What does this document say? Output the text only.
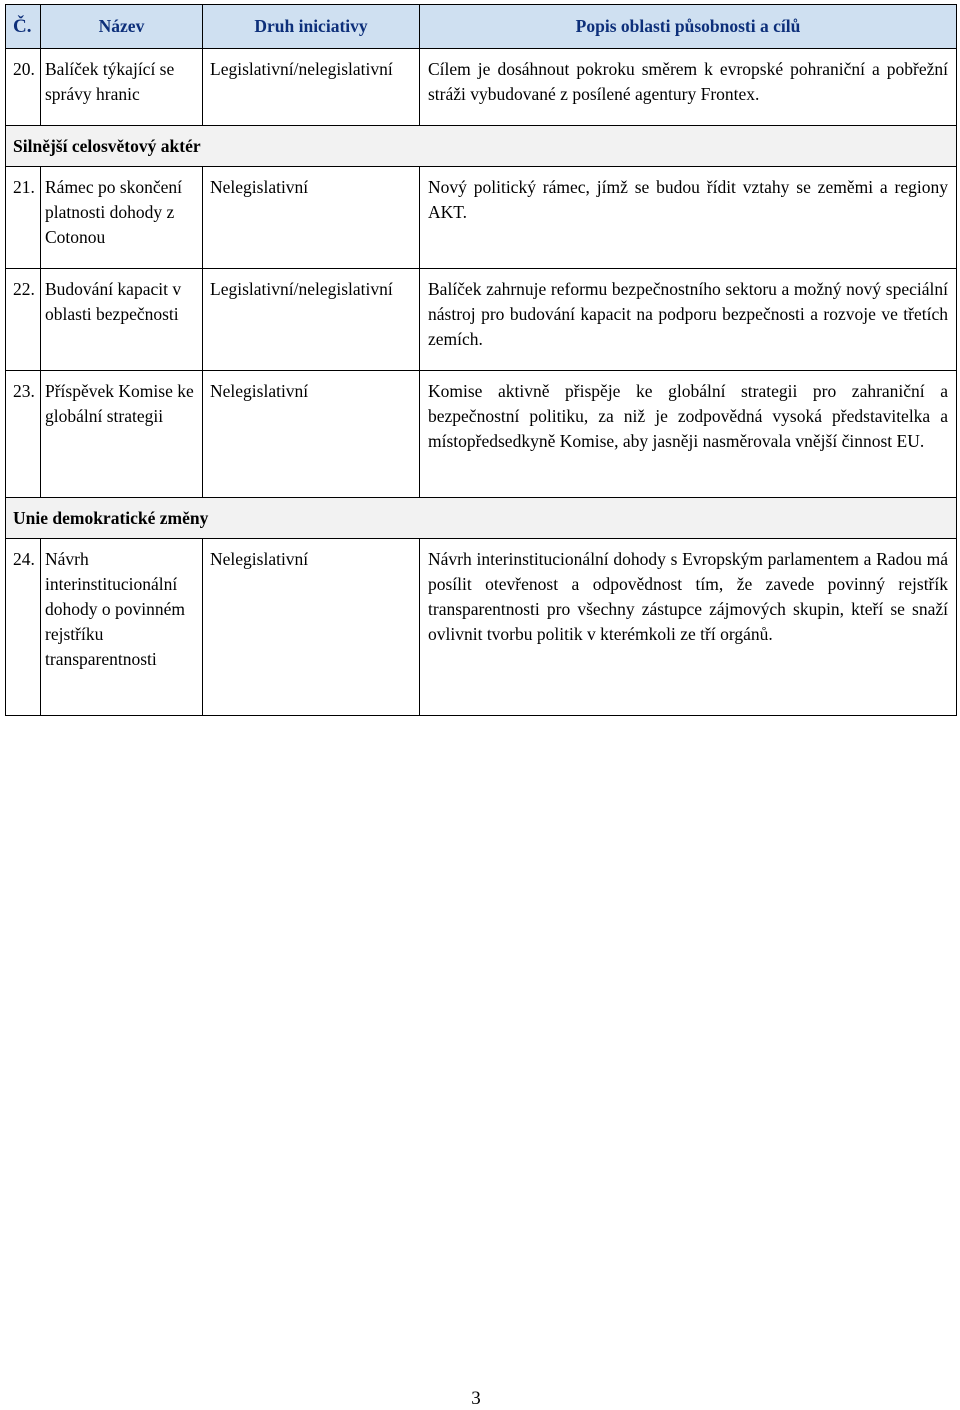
Č.	Název	Druh iniciativy	Popis oblasti působnosti a cílů
20.	Balíček týkající se správy hranic	Legislativní/nelegislativní	Cílem je dosáhnout pokroku směrem k evropské pohraniční a pobřežní stráži vybudované z posílené agentury Frontex.
Silnější celosvětový aktér			
21.	Rámec po skončení platnosti dohody z Cotonou	Nelegislativní	Nový politický rámec, jímž se budou řídit vztahy se zeměmi a regiony AKT.
22.	Budování kapacit v oblasti bezpečnosti	Legislativní/nelegislativní	Balíček zahrnuje reformu bezpečnostního sektoru a možný nový speciální nástroj pro budování kapacit na podporu bezpečnosti a rozvoje ve třetích zemích.
23.	Příspěvek Komise ke globální strategii	Nelegislativní	Komise aktivně přispěje ke globální strategii pro zahraniční a bezpečnostní politiku, za niž je zodpovědná vysoká představitelka a místopředsedkyně Komise, aby jasněji nasměrovala vnější činnost EU.
Unie demokratické změny			
24.	Návrh interinstitucionální dohody o povinném rejstříku transparentnosti	Nelegislativní	Návrh interinstitucionální dohody s Evropským parlamentem a Radou má posílit otevřenost a odpovědnost tím, že zavede povinný rejstřík transparentnosti pro všechny zástupce zájmových skupin, kteří se snaží ovlivnit tvorbu politik v kterémkoli ze tří orgánů.
3
